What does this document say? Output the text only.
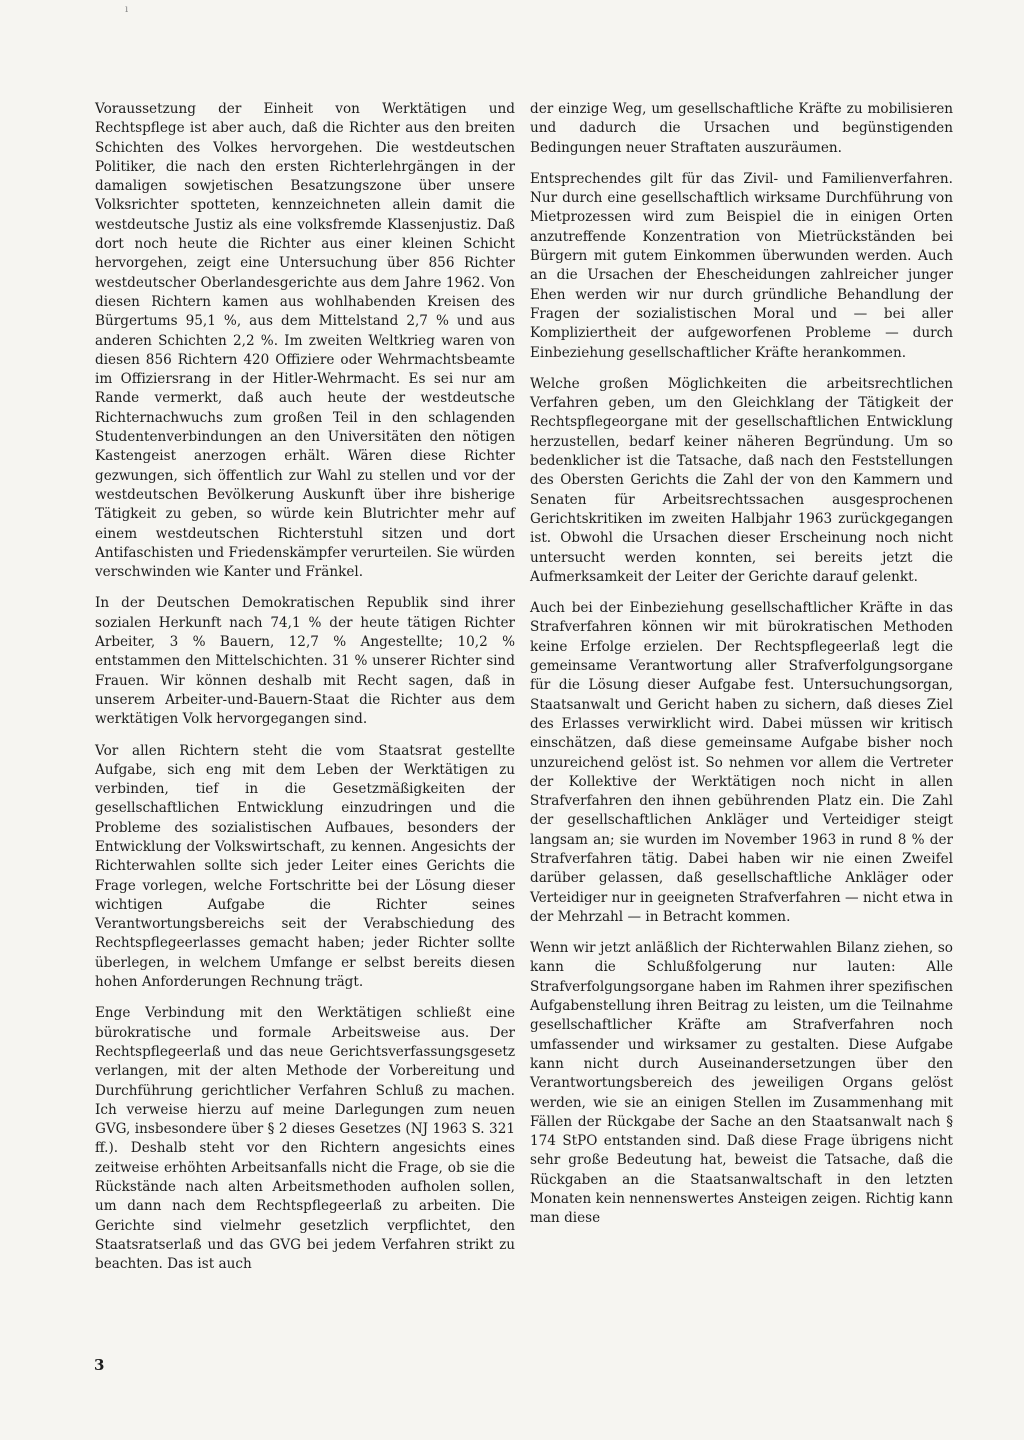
ı

Voraussetzung der Einheit von Werktätigen und Rechtspflege ist aber auch, daß die Richter aus den breiten Schichten des Volkes hervorgehen. Die westdeutschen Politiker, die nach den ersten Richterlehrgängen in der damaligen sowjetischen Besatzungszone über unsere Volksrichter spotteten, kennzeichneten allein damit die westdeutsche Justiz als eine volksfremde Klassenjustiz. Daß dort noch heute die Richter aus einer kleinen Schicht hervorgehen, zeigt eine Untersuchung über 856 Richter westdeutscher Oberlandesgerichte aus dem Jahre 1962. Von diesen Richtern kamen aus wohlhabenden Kreisen des Bürgertums 95,1 %, aus dem Mittelstand 2,7 % und aus anderen Schichten 2,2 %. Im zweiten Weltkrieg waren von diesen 856 Richtern 420 Offiziere oder Wehrmachtsbeamte im Offiziersrang in der Hitler-Wehrmacht. Es sei nur am Rande vermerkt, daß auch heute der westdeutsche Richternachwuchs zum großen Teil in den schlagenden Studentenverbindungen an den Universitäten den nötigen Kastengeist anerzogen erhält. Wären diese Richter gezwungen, sich öffentlich zur Wahl zu stellen und vor der westdeutschen Bevölkerung Auskunft über ihre bisherige Tätigkeit zu geben, so würde kein Blutrichter mehr auf einem westdeutschen Richterstuhl sitzen und dort Antifaschisten und Friedenskämpfer verurteilen. Sie würden verschwinden wie Kanter und Fränkel.

In der Deutschen Demokratischen Republik sind ihrer sozialen Herkunft nach 74,1 % der heute tätigen Richter Arbeiter, 3 % Bauern, 12,7 % Angestellte; 10,2 % entstammen den Mittelschichten. 31 % unserer Richter sind Frauen. Wir können deshalb mit Recht sagen, daß in unserem Arbeiter-und-Bauern-Staat die Richter aus dem werktätigen Volk hervorgegangen sind.

Vor allen Richtern steht die vom Staatsrat gestellte Aufgabe, sich eng mit dem Leben der Werktätigen zu verbinden, tief in die Gesetzmäßigkeiten der gesellschaftlichen Entwicklung einzudringen und die Probleme des sozialistischen Aufbaues, besonders der Entwicklung der Volkswirtschaft, zu kennen. Angesichts der Richterwahlen sollte sich jeder Leiter eines Gerichts die Frage vorlegen, welche Fortschritte bei der Lösung dieser wichtigen Aufgabe die Richter seines Verantwortungsbereichs seit der Verabschiedung des Rechtspflegeerlasses gemacht haben; jeder Richter sollte überlegen, in welchem Umfange er selbst bereits diesen hohen Anforderungen Rechnung trägt.

Enge Verbindung mit den Werktätigen schließt eine bürokratische und formale Arbeitsweise aus. Der Rechtspflegeerlaß und das neue Gerichtsverfassungsgesetz verlangen, mit der alten Methode der Vorbereitung und Durchführung gerichtlicher Verfahren Schluß zu machen. Ich verweise hierzu auf meine Darlegungen zum neuen GVG, insbesondere über § 2 dieses Gesetzes (NJ 1963 S. 321 ff.). Deshalb steht vor den Richtern angesichts eines zeitweise erhöhten Arbeitsanfalls nicht die Frage, ob sie die Rückstände nach alten Arbeitsmethoden aufholen sollen, um dann nach dem Rechtspflegeerlaß zu arbeiten. Die Gerichte sind vielmehr gesetzlich verpflichtet, den Staatsratserlaß und das GVG bei jedem Verfahren strikt zu beachten. Das ist auch

der einzige Weg, um gesellschaftliche Kräfte zu mobilisieren und dadurch die Ursachen und begünstigenden Bedingungen neuer Straftaten auszuräumen.

Entsprechendes gilt für das Zivil- und Familienverfahren. Nur durch eine gesellschaftlich wirksame Durchführung von Mietprozessen wird zum Beispiel die in einigen Orten anzutreffende Konzentration von Mietrückständen bei Bürgern mit gutem Einkommen überwunden werden. Auch an die Ursachen der Ehescheidungen zahlreicher junger Ehen werden wir nur durch gründliche Behandlung der Fragen der sozialistischen Moral und — bei aller Kompliziertheit der aufgeworfenen Probleme — durch Einbeziehung gesellschaftlicher Kräfte herankommen.

Welche großen Möglichkeiten die arbeitsrechtlichen Verfahren geben, um den Gleichklang der Tätigkeit der Rechtspflegeorgane mit der gesellschaftlichen Entwicklung herzustellen, bedarf keiner näheren Begründung. Um so bedenklicher ist die Tatsache, daß nach den Feststellungen des Obersten Gerichts die Zahl der von den Kammern und Senaten für Arbeitsrechtssachen ausgesprochenen Gerichtskritiken im zweiten Halbjahr 1963 zurückgegangen ist. Obwohl die Ursachen dieser Erscheinung noch nicht untersucht werden konnten, sei bereits jetzt die Aufmerksamkeit der Leiter der Gerichte darauf gelenkt.

Auch bei der Einbeziehung gesellschaftlicher Kräfte in das Strafverfahren können wir mit bürokratischen Methoden keine Erfolge erzielen. Der Rechtspflegeerlaß legt die gemeinsame Verantwortung aller Strafverfolgungsorgane für die Lösung dieser Aufgabe fest. Untersuchungsorgan, Staatsanwalt und Gericht haben zu sichern, daß dieses Ziel des Erlasses verwirklicht wird. Dabei müssen wir kritisch einschätzen, daß diese gemeinsame Aufgabe bisher noch unzureichend gelöst ist. So nehmen vor allem die Vertreter der Kollektive der Werktätigen noch nicht in allen Strafverfahren den ihnen gebührenden Platz ein. Die Zahl der gesellschaftlichen Ankläger und Verteidiger steigt langsam an; sie wurden im November 1963 in rund 8 % der Strafverfahren tätig. Dabei haben wir nie einen Zweifel darüber gelassen, daß gesellschaftliche Ankläger oder Verteidiger nur in geeigneten Strafverfahren — nicht etwa in der Mehrzahl — in Betracht kommen.

Wenn wir jetzt anläßlich der Richterwahlen Bilanz ziehen, so kann die Schlußfolgerung nur lauten: Alle Strafverfolgungsorgane haben im Rahmen ihrer spezifischen Aufgabenstellung ihren Beitrag zu leisten, um die Teilnahme gesellschaftlicher Kräfte am Strafverfahren noch umfassender und wirksamer zu gestalten. Diese Aufgabe kann nicht durch Auseinandersetzungen über den Verantwortungsbereich des jeweiligen Organs gelöst werden, wie sie an einigen Stellen im Zusammenhang mit Fällen der Rückgabe der Sache an den Staatsanwalt nach § 174 StPO entstanden sind. Daß diese Frage übrigens nicht sehr große Bedeutung hat, beweist die Tatsache, daß die Rückgaben an die Staatsanwaltschaft in den letzten Monaten kein nennenswertes Ansteigen zeigen. Richtig kann man diese

3
